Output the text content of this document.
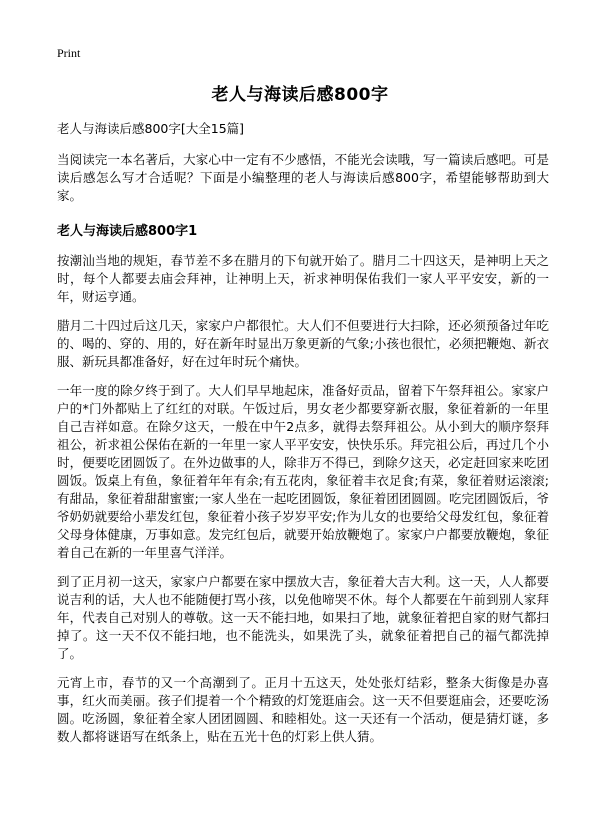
Print
老人与海读后感800字

老人与海读后感800字[大全15篇]

当阅读完一本名著后，大家心中一定有不少感悟，不能光会读哦，写一篇读后感吧。可是读后感怎么写才合适呢？下面是小编整理的老人与海读后感800字，希望能够帮助到大家。

老人与海读后感800字1

按潮汕当地的规矩，春节差不多在腊月的下旬就开始了。腊月二十四这天，是神明上天之时，每个人都要去庙会拜神，让神明上天，祈求神明保佑我们一家人平平安安，新的一年，财运亨通。

腊月二十四过后这几天，家家户户都很忙。大人们不但要进行大扫除，还必须预备过年吃的、喝的、穿的、用的，好在新年时显出万象更新的气象;小孩也很忙，必须把鞭炮、新衣服、新玩具都准备好，好在过年时玩个痛快。

一年一度的除夕终于到了。大人们早早地起床，准备好贡品，留着下午祭拜祖公。家家户户的*门外都贴上了红红的对联。午饭过后，男女老少都要穿新衣服，象征着新的一年里自己吉祥如意。在除夕这天，一般在中午2点多，就得去祭拜祖公。从小到大的顺序祭拜祖公，祈求祖公保佑在新的一年里一家人平平安安，快快乐乐。拜完祖公后，再过几个小时，便要吃团圆饭了。在外边做事的人，除非万不得已，到除夕这天，必定赶回家来吃团圆饭。饭桌上有鱼，象征着年年有余;有五花肉，象征着丰衣足食;有菜，象征着财运滚滚;有甜品，象征着甜甜蜜蜜;一家人坐在一起吃团圆饭，象征着团团圆圆。吃完团圆饭后，爷爷奶奶就要给小辈发红包，象征着小孩子岁岁平安;作为儿女的也要给父母发红包，象征着父母身体健康，万事如意。发完红包后，就要开始放鞭炮了。家家户户都要放鞭炮，象征着自己在新的一年里喜气洋洋。

到了正月初一这天，家家户户都要在家中摆放大吉，象征着大吉大利。这一天，人人都要说吉利的话，大人也不能随便打骂小孩，以免他啼哭不休。每个人都要在午前到别人家拜年，代表自己对别人的尊敬。这一天不能扫地，如果扫了地，就象征着把自家的财气都扫掉了。这一天不仅不能扫地，也不能洗头，如果洗了头，就象征着把自己的福气都洗掉了。

元宵上市，春节的又一个高潮到了。正月十五这天，处处张灯结彩，整条大街像是办喜事，红火而美丽。孩子们提着一个个精致的灯笼逛庙会。这一天不但要逛庙会，还要吃汤圆。吃汤圆，象征着全家人团团圆圆、和睦相处。这一天还有一个活动，便是猜灯谜，多数人都将谜语写在纸条上，贴在五光十色的灯彩上供人猜。
